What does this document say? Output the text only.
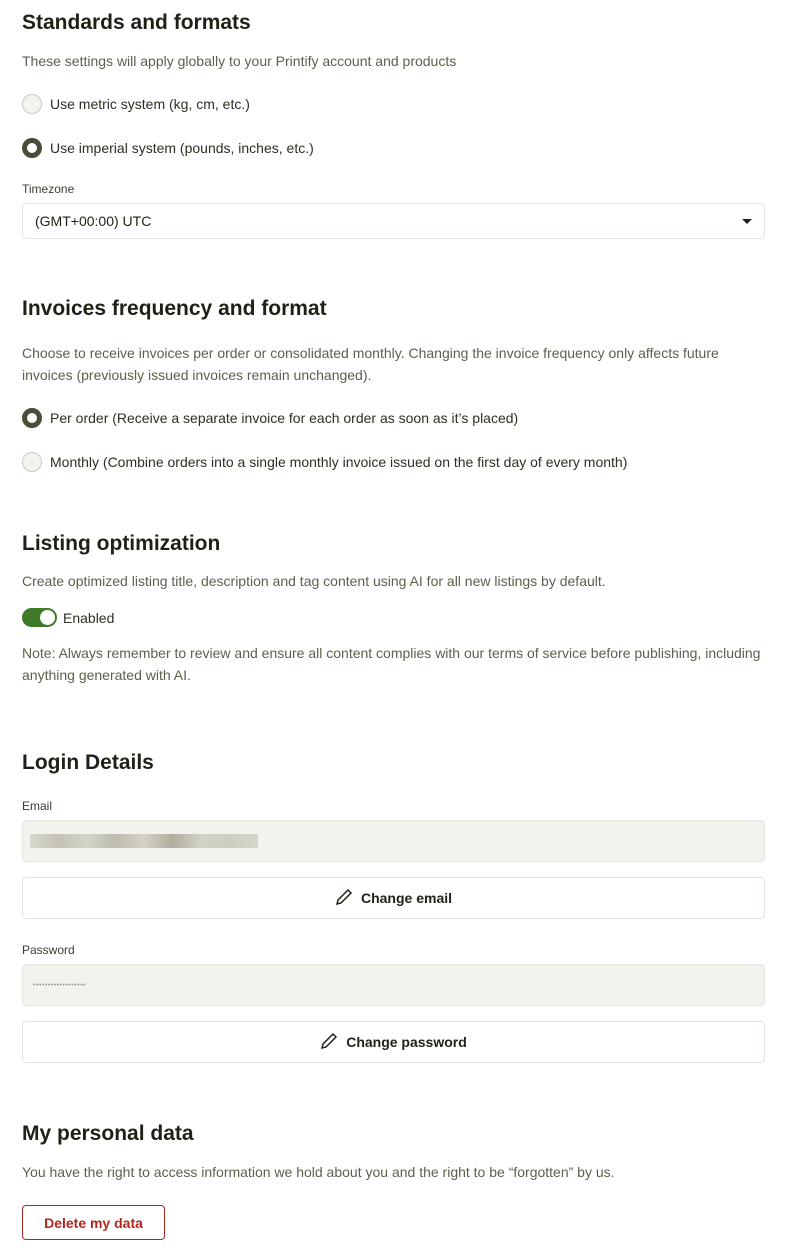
Standards and formats
These settings will apply globally to your Printify account and products
Use metric system (kg, cm, etc.)
Use imperial system (pounds, inches, etc.)
Timezone
(GMT+00:00) UTC
Invoices frequency and format
Choose to receive invoices per order or consolidated monthly. Changing the invoice frequency only affects future invoices (previously issued invoices remain unchanged).
Per order (Receive a separate invoice for each order as soon as it’s placed)
Monthly (Combine orders into a single monthly invoice issued on the first day of every month)
Listing optimization
Create optimized listing title, description and tag content using AI for all new listings by default.
Enabled
Note: Always remember to review and ensure all content complies with our terms of service before publishing, including anything generated with AI.
Login Details
Email
Change email
Password
••••••••••••••••••
Change password
My personal data
You have the right to access information we hold about you and the right to be “forgotten” by us.
Delete my data
